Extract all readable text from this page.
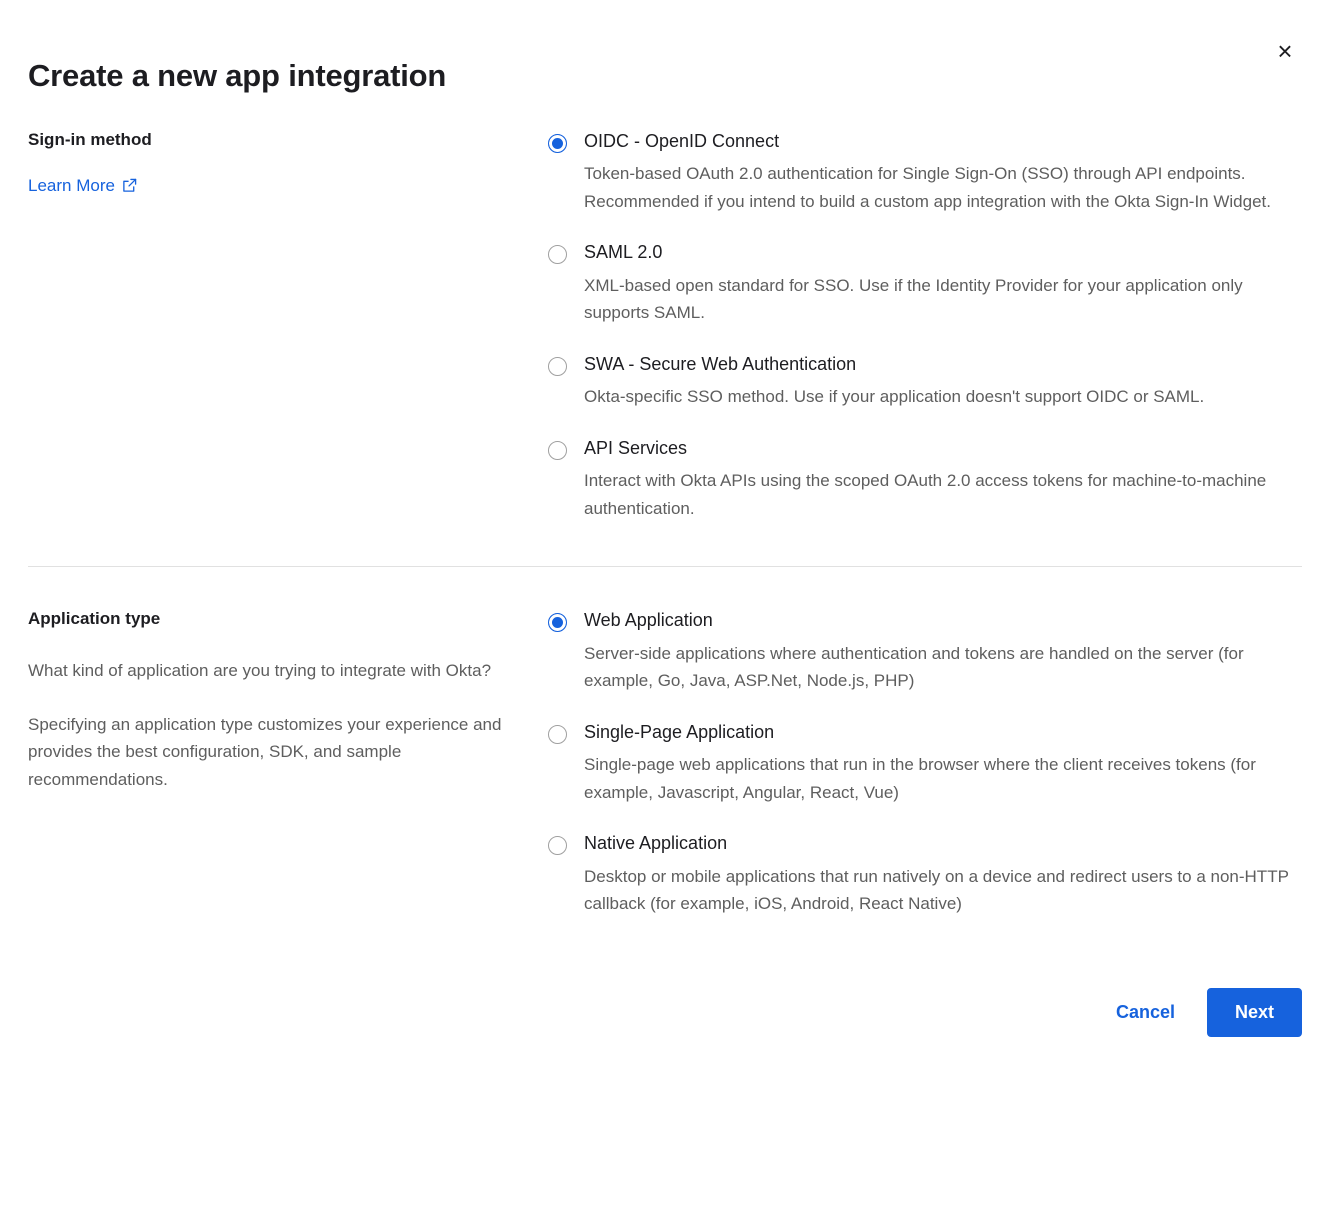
×
Create a new app integration
Sign-in method
Learn More
OIDC - OpenID Connect
Token-based OAuth 2.0 authentication for Single Sign-On (SSO) through API endpoints. Recommended if you intend to build a custom app integration with the Okta Sign-In Widget.
SAML 2.0
XML-based open standard for SSO. Use if the Identity Provider for your application only supports SAML.
SWA - Secure Web Authentication
Okta-specific SSO method. Use if your application doesn't support OIDC or SAML.
API Services
Interact with Okta APIs using the scoped OAuth 2.0 access tokens for machine-to-machine authentication.
Application type
What kind of application are you trying to integrate with Okta?
Specifying an application type customizes your experience and provides the best configuration, SDK, and sample recommendations.
Web Application
Server-side applications where authentication and tokens are handled on the server (for example, Go, Java, ASP.Net, Node.js, PHP)
Single-Page Application
Single-page web applications that run in the browser where the client receives tokens (for example, Javascript, Angular, React, Vue)
Native Application
Desktop or mobile applications that run natively on a device and redirect users to a non-HTTP callback (for example, iOS, Android, React Native)
Cancel	Next
